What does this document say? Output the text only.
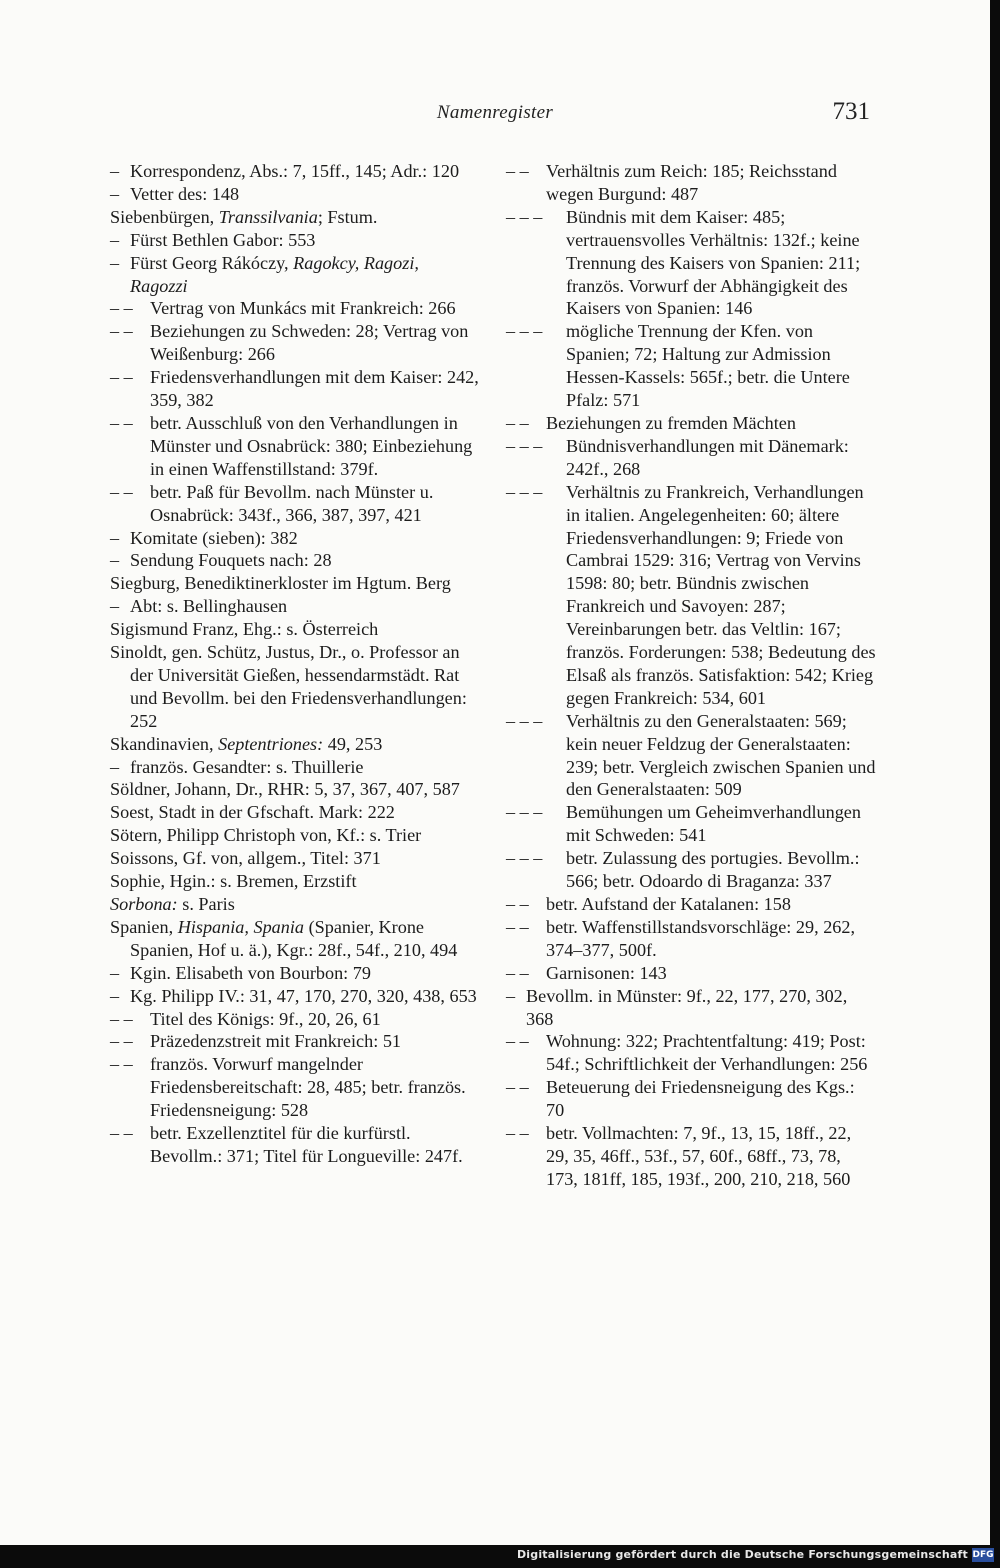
Namenregister	731
– Korrespondenz, Abs.: 7, 15ff., 145; Adr.: 120
– Vetter des: 148
Siebenbürgen, Transsilvania; Fstum.
– Fürst Bethlen Gabor: 553
– Fürst Georg Rákóczy, Ragokcy, Ragozi, Ragozzi
– – Vertrag von Munkács mit Frankreich: 266
– – Beziehungen zu Schweden: 28; Vertrag von Weißenburg: 266
– – Friedensverhandlungen mit dem Kaiser: 242, 359, 382
– – betr. Ausschluß von den Verhandlungen in Münster und Osnabrück: 380; Einbeziehung in einen Waffenstillstand: 379f.
– – betr. Paß für Bevollm. nach Münster u. Osnabrück: 343f., 366, 387, 397, 421
– Komitate (sieben): 382
– Sendung Fouquets nach: 28
Siegburg, Benediktinerkloster im Hgtum. Berg
– Abt: s. Bellinghausen
Sigismund Franz, Ehg.: s. Österreich
Sinoldt, gen. Schütz, Justus, Dr., o. Professor an der Universität Gießen, hessendarmstädt. Rat und Bevollm. bei den Friedensverhandlungen: 252
Skandinavien, Septentriones: 49, 253
– französ. Gesandter: s. Thuillerie
Söldner, Johann, Dr., RHR: 5, 37, 367, 407, 587
Soest, Stadt in der Gfschaft. Mark: 222
Sötern, Philipp Christoph von, Kf.: s. Trier
Soissons, Gf. von, allgem., Titel: 371
Sophie, Hgin.: s. Bremen, Erzstift
Sorbona: s. Paris
Spanien, Hispania, Spania (Spanier, Krone Spanien, Hof u. ä.), Kgr.: 28f., 54f., 210, 494
– Kgin. Elisabeth von Bourbon: 79
– Kg. Philipp IV.: 31, 47, 170, 270, 320, 438, 653
– – Titel des Königs: 9f., 20, 26, 61
– – Präzedenzstreit mit Frankreich: 51
– – französ. Vorwurf mangelnder Friedensbereitschaft: 28, 485; betr. französ. Friedensneigung: 528
– – betr. Exzellenztitel für die kurfürstl. Bevollm.: 371; Titel für Longueville: 247f.
– – Verhältnis zum Reich: 185; Reichsstand wegen Burgund: 487
– – – Bündnis mit dem Kaiser: 485; vertrauensvolles Verhältnis: 132f.; keine Trennung des Kaisers von Spanien: 211; französ. Vorwurf der Abhängigkeit des Kaisers von Spanien: 146
– – – mögliche Trennung der Kfen. von Spanien; 72; Haltung zur Admission Hessen-Kassels: 565f.; betr. die Untere Pfalz: 571
– – Beziehungen zu fremden Mächten
– – – Bündnisverhandlungen mit Dänemark: 242f., 268
– – – Verhältnis zu Frankreich, Verhandlungen in italien. Angelegenheiten: 60; ältere Friedensverhandlungen: 9; Friede von Cambrai 1529: 316; Vertrag von Vervins 1598: 80; betr. Bündnis zwischen Frankreich und Savoyen: 287; Vereinbarungen betr. das Veltlin: 167; französ. Forderungen: 538; Bedeutung des Elsaß als französ. Satisfaktion: 542; Krieg gegen Frankreich: 534, 601
– – – Verhältnis zu den Generalstaaten: 569; kein neuer Feldzug der Generalstaaten: 239; betr. Vergleich zwischen Spanien und den Generalstaaten: 509
– – – Bemühungen um Geheimverhandlungen mit Schweden: 541
– – – betr. Zulassung des portugies. Bevollm.: 566; betr. Odoardo di Braganza: 337
– – betr. Aufstand der Katalanen: 158
– – betr. Waffenstillstandsvorschläge: 29, 262, 374–377, 500f.
– – Garnisonen: 143
– Bevollm. in Münster: 9f., 22, 177, 270, 302, 368
– – Wohnung: 322; Prachtentfaltung: 419; Post: 54f.; Schriftlichkeit der Verhandlungen: 256
– – Beteuerung dei Friedensneigung des Kgs.: 70
– – betr. Vollmachten: 7, 9f., 13, 15, 18ff., 22, 29, 35, 46ff., 53f., 57, 60f., 68ff., 73, 78, 173, 181ff, 185, 193f., 200, 210, 218, 560
Digitalisierung gefördert durch die Deutsche Forschungsgemeinschaft DFG
